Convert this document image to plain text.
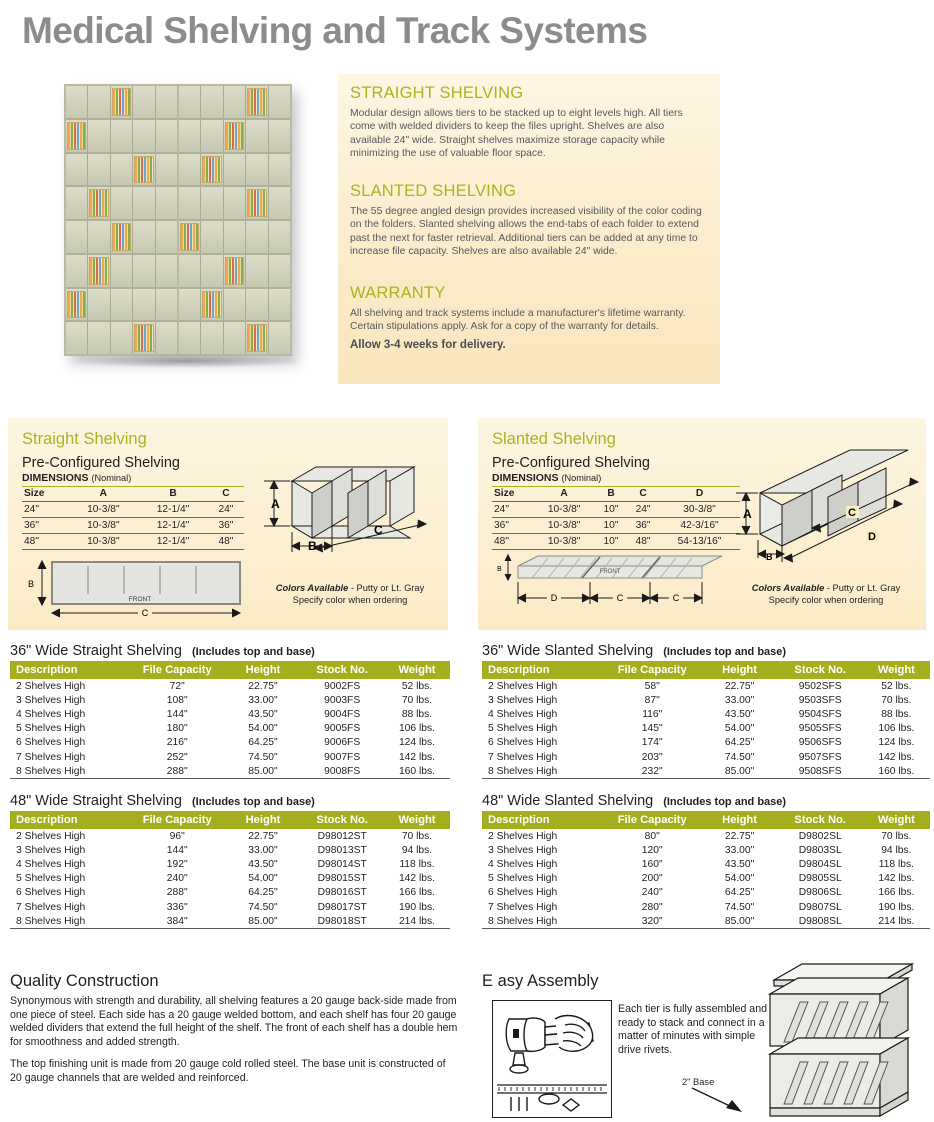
Medical Shelving and Track Systems
STRAIGHT SHELVING
Modular design allows tiers to be stacked up to eight levels high. All tiers come with welded dividers to keep the files upright. Shelves are also available 24" wide. Straight shelves maximize storage capacity while minimizing the use of valuable floor space.
SLANTED SHELVING
The 55 degree angled design provides increased visibility of the color coding on the folders. Slanted shelving allows the end-tabs of each folder to extend past the next for faster retrieval. Additional tiers can be added at any time to increase file capacity. Shelves are also available 24" wide.
WARRANTY
All shelving and track systems include a manufacturer's lifetime warranty. Certain stipulations apply. Ask for a copy of the warranty for details.
Allow 3-4 weeks for delivery.
Straight Shelving
Pre-Configured Shelving
DIMENSIONS (Nominal)
Size	A	B	C
24"	10-3/8"	12-1/4"	24"
36"	10-3/8"	12-1/4"	36"
48"	10-3/8"	12-1/4"	48"
A
B
C
FRONT
B
C
Colors Available - Putty or Lt. Gray
Specify color when ordering
Slanted Shelving
Pre-Configured Shelving
DIMENSIONS (Nominal)
Size	A	B	C	D
24"	10-3/8"	10"	24"	30-3/8"
36"	10-3/8"	10"	36"	42-3/16"
48"	10-3/8"	10"	48"	54-13/16"
A
B
C
D
FRONT
B
D	C	C
Colors Available - Putty or Lt. Gray
Specify color when ordering
36" Wide Straight Shelving (Includes top and base)
Description	File Capacity	Height	Stock No.	Weight
2 Shelves High	72"	22.75"	9002FS	52 lbs.
3 Shelves High	108"	33.00"	9003FS	70 lbs.
4 Shelves High	144"	43.50"	9004FS	88 lbs.
5 Shelves High	180"	54.00"	9005FS	106 lbs.
6 Shelves High	216"	64.25"	9006FS	124 lbs.
7 Shelves High	252"	74.50"	9007FS	142 lbs.
8 Shelves High	288"	85.00"	9008FS	160 lbs.
36" Wide Slanted Shelving (Includes top and base)
Description	File Capacity	Height	Stock No.	Weight
2 Shelves High	58"	22.75"	9502SFS	52 lbs.
3 Shelves High	87"	33.00"	9503SFS	70 lbs.
4 Shelves High	116"	43.50"	9504SFS	88 lbs.
5 Shelves High	145"	54.00"	9505SFS	106 lbs.
6 Shelves High	174"	64.25"	9506SFS	124 lbs.
7 Shelves High	203"	74.50"	9507SFS	142 lbs.
8 Shelves High	232"	85.00"	9508SFS	160 lbs.
48" Wide Straight Shelving (Includes top and base)
Description	File Capacity	Height	Stock No.	Weight
2 Shelves High	96"	22.75"	D98012ST	70 lbs.
3 Shelves High	144"	33.00"	D98013ST	94 lbs.
4 Shelves High	192"	43.50"	D98014ST	118 lbs.
5 Shelves High	240"	54.00"	D98015ST	142 lbs.
6 Shelves High	288"	64.25"	D98016ST	166 lbs.
7 Shelves High	336"	74.50"	D98017ST	190 lbs.
8 Shelves High	384"	85.00"	D98018ST	214 lbs.
48" Wide Slanted Shelving (Includes top and base)
Description	File Capacity	Height	Stock No.	Weight
2 Shelves High	80"	22.75"	D9802SL	70 lbs.
3 Shelves High	120"	33.00"	D9803SL	94 lbs.
4 Shelves High	160"	43.50"	D9804SL	118 lbs.
5 Shelves High	200"	54.00"	D9805SL	142 lbs.
6 Shelves High	240"	64.25"	D9806SL	166 lbs.
7 Shelves High	280"	74.50"	D9807SL	190 lbs.
8 Shelves High	320"	85.00"	D9808SL	214 lbs.
Quality Construction
Synonymous with strength and durability, all shelving features a 20 gauge back-side made from one piece of steel. Each side has a 20 gauge welded bottom, and each shelf has four 20 gauge welded dividers that extend the full height of the shelf. The front of each shelf has a double hem for smoothness and added strength.
The top finishing unit is made from 20 gauge cold rolled steel. The base unit is constructed of 20 gauge channels that are welded and reinforced.
E asy Assembly
Each tier is fully assembled and ready to stack and connect in a matter of minutes with simple drive rivets.
2" Base
